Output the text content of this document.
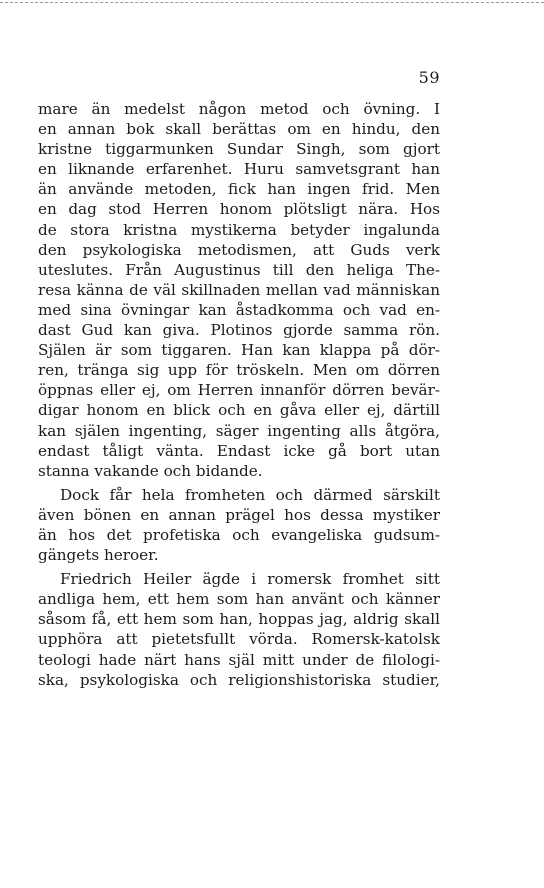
59
mare än medelst någon metod och övning. I
en annan bok skall berättas om en hindu, den
kristne tiggarmunken Sundar Singh, som gjort
en liknande erfarenhet. Huru samvetsgrant han
än använde metoden, fick han ingen frid. Men
en dag stod Herren honom plötsligt nära. Hos
de stora kristna mystikerna betyder ingalunda
den psykologiska metodismen, att Guds verk
uteslutes. Från Augustinus till den heliga The-
resa känna de väl skillnaden mellan vad människan
med sina övningar kan åstadkomma och vad en-
dast Gud kan giva. Plotinos gjorde samma rön.
Själen är som tiggaren. Han kan klappa på dör-
ren, tränga sig upp för tröskeln. Men om dörren
öppnas eller ej, om Herren innanför dörren bevär-
digar honom en blick och en gåva eller ej, därtill
kan själen ingenting, säger ingenting alls åtgöra,
endast tåligt vänta. Endast icke gå bort utan
stanna vakande och bidande.
Dock får hela fromheten och därmed särskilt
även bönen en annan prägel hos dessa mystiker
än hos det profetiska och evangeliska gudsum-
gängets heroer.
Friedrich Heiler ägde i romersk fromhet sitt
andliga hem, ett hem som han använt och känner
såsom få, ett hem som han, hoppas jag, aldrig skall
upphöra att pietetsfullt vörda. Romersk-katolsk
teologi hade närt hans själ mitt under de filologi-
ska, psykologiska och religionshistoriska studier,
